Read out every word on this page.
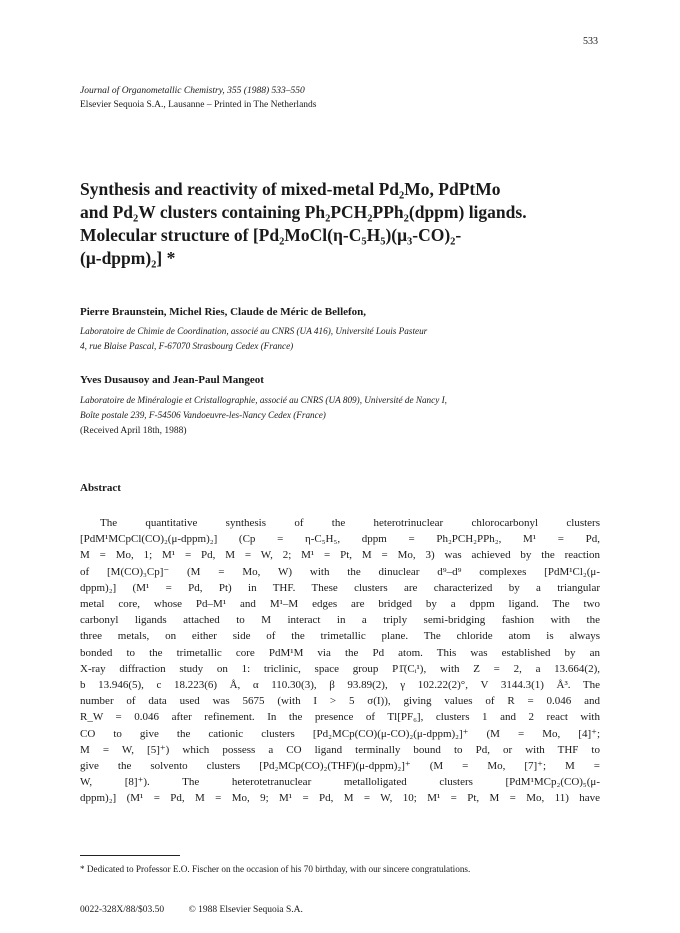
533
Journal of Organometallic Chemistry, 355 (1988) 533–550
Elsevier Sequoia S.A., Lausanne – Printed in The Netherlands
Synthesis and reactivity of mixed-metal Pd₂Mo, PdPtMo
and Pd₂W clusters containing Ph₂PCH₂PPh₂(dppm) ligands.
Molecular structure of [Pd₂MoCl(η-C₅H₅)(μ₃-CO)₂-
(μ-dppm)₂] *
Pierre Braunstein, Michel Ries, Claude de Méric de Bellefon,
Laboratoire de Chimie de Coordination, associé au CNRS (UA 416), Université Louis Pasteur
4, rue Blaise Pascal, F-67070 Strasbourg Cedex (France)
Yves Dusausoy and Jean-Paul Mangeot
Laboratoire de Minéralogie et Cristallographie, associé au CNRS (UA 809), Université de Nancy I,
Boîte postale 239, F-54506 Vandoeuvre-les-Nancy Cedex (France)
(Received April 18th, 1988)
Abstract
The quantitative synthesis of the heterotrinuclear chlorocarbonyl clusters
[PdM¹MCpCl(CO)₂(μ-dppm)₂] (Cp = η-C₅H₅, dppm = Ph₂PCH₂PPh₂, M¹ = Pd,
M = Mo, 1; M¹ = Pd, M = W, 2; M¹ = Pt, M = Mo, 3) was achieved by the reaction
of [M(CO)₃Cp]⁻ (M = Mo, W) with the dinuclear d⁹–d⁹ complexes [PdM¹Cl₂(μ-
dppm)₂] (M¹ = Pd, Pt) in THF. These clusters are characterized by a triangular
metal core, whose Pd–M¹ and M¹–M edges are bridged by a dppm ligand. The two
carbonyl ligands attached to M interact in a triply semi-bridging fashion with the
three metals, on either side of the trimetallic plane. The chloride atom is always
bonded to the trimetallic core PdM¹M via the Pd atom. This was established by an
X-ray diffraction study on 1: triclinic, space group P1̄(Cᵢ¹), with Z = 2, a 13.664(2),
b 13.946(5), c 18.223(6) Å, α 110.30(3), β 93.89(2), γ 102.22(2)°, V 3144.3(1) Å³. The
number of data used was 5675 (with I > 5 σ(I)), giving values of R = 0.046 and
R_W = 0.046 after refinement. In the presence of Tl[PF₆], clusters 1 and 2 react with
CO to give the cationic clusters [Pd₂MCp(CO)(μ-CO)₂(μ-dppm)₂]⁺ (M = Mo, [4]⁺;
M = W, [5]⁺) which possess a CO ligand terminally bound to Pd, or with THF to
give the solvento clusters [Pd₂MCp(CO)₂(THF)(μ-dppm)₂]⁺ (M = Mo, [7]⁺; M =
W, [8]⁺). The heterotetranuclear metalloligated clusters [PdM¹MCp₂(CO)₅(μ-
dppm)₂] (M¹ = Pd, M = Mo, 9; M¹ = Pd, M = W, 10; M¹ = Pt, M = Mo, 11) have
* Dedicated to Professor E.O. Fischer on the occasion of his 70 birthday, with our sincere congratulations.
0022-328X/88/$03.50	© 1988 Elsevier Sequoia S.A.
